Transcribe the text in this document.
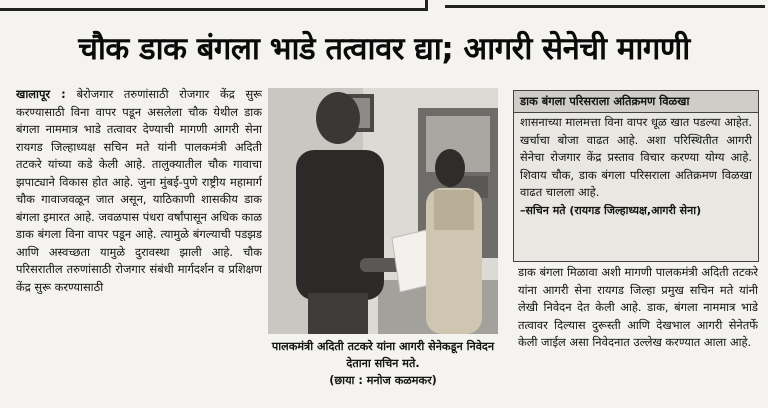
चौक डाक बंगला भाडे तत्वावर द्या; आगरी सेनेची मागणी
खालापूर : बेरोजगार तरुणांसाठी रोजगार केंद्र सुरू करण्यासाठी विना वापर पडून असलेला चौक येथील डाक बंगला नाममात्र भाडे तत्वावर देण्याची मागणी आगरी सेना रायगड जिल्हाध्यक्ष सचिन मते यांनी पालकमंत्री अदिती तटकरे यांच्या कडे केली आहे. तालुक्यातील चौक गावाचा झपाट्याने विकास होत आहे. जुना मुंबई-पुणे राष्ट्रीय महामार्ग चौक गावाजवळून जात असून, याठिकाणी शासकीय डाक बंगला इमारत आहे. जवळपास पंधरा वर्षांपासून अधिक काळ डाक बंगला विना वापर पडून आहे. त्यामुळे बंगल्याची पडझड आणि अस्वच्छता यामुळे दुरावस्था झाली आहे. चौक परिसरातील तरुणांसाठी रोजगार संबंधी मार्गदर्शन व प्रशिक्षण केंद्र सुरू करण्यासाठी
पालकमंत्री अदिती तटकरे यांना आगरी सेनेकडून निवेदन देताना सचिन मते.
(छाया : मनोज कळमकर)
डाक बंगला परिसराला अतिक्रमण विळखा
शासनाच्या मालमत्ता विना वापर धूळ खात पडल्या आहेत. खर्चाचा बोजा वाढत आहे. अशा परिस्थितीत आगरी सेनेचा रोजगार केंद्र प्रस्ताव विचार करण्या योग्य आहे. शिवाय चौक, डाक बंगला परिसराला अतिक्रमण विळखा वाढत चालला आहे.
–सचिन मते (रायगड जिल्हाध्यक्ष,आगरी सेना)
डाक बंगला मिळावा अशी मागणी पालकमंत्री अदिती तटकरे यांना आगरी सेना रायगड जिल्हा प्रमुख सचिन मते यांनी लेखी निवेदन देत केली आहे. डाक, बंगला नाममात्र भाडे तत्वावर दिल्यास दुरूस्ती आणि देखभाल आगरी सेनेतर्फे केली जाईल असा निवेदनात उल्लेख करण्यात आला आहे.
